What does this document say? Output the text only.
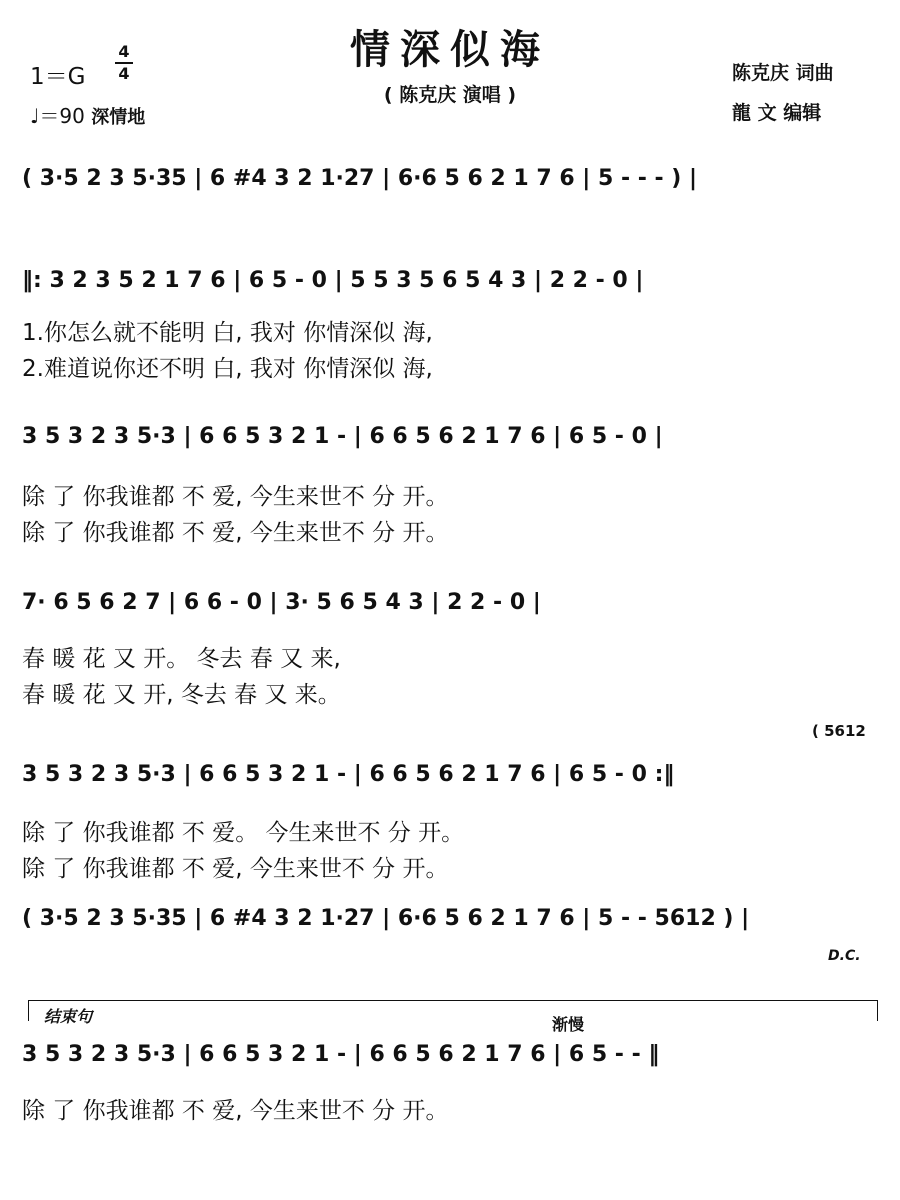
情深似海
( 陈克庆 演唱 )
陈克庆 词曲
龍 文 编辑
1＝G
4
4
♩＝90 深情地
( 3·5 2 3 5·35 | 6 #4 3 2 1·27 | 6·6 5 6 2 1 7 6 | 5 - - - ) |
‖: 3 2 3 5 2 1 7 6 | 6 5 - 0 | 5 5 3 5 6 5 4 3 | 2 2 - 0 |
1.你怎么就不能明 白, 我对 你情深似 海,
2.难道说你还不明 白, 我对 你情深似 海,
3 5 3 2 3 5·3 | 6 6 5 3 2 1 - | 6 6 5 6 2 1 7 6 | 6 5 - 0 |
除 了 你我谁都 不 爱, 今生来世不 分 开。
除 了 你我谁都 不 爱, 今生来世不 分 开。
7· 6 5 6 2 7 | 6 6 - 0 | 3· 5 6 5 4 3 | 2 2 - 0 |
春 暖 花 又 开。 冬去 春 又 来,
春 暖 花 又 开, 冬去 春 又 来。
( 5612
3 5 3 2 3 5·3 | 6 6 5 3 2 1 - | 6 6 5 6 2 1 7 6 | 6 5 - 0 :‖
除 了 你我谁都 不 爱。 今生来世不 分 开。
除 了 你我谁都 不 爱, 今生来世不 分 开。
( 3·5 2 3 5·35 | 6 #4 3 2 1·27 | 6·6 5 6 2 1 7 6 | 5 - - 5612 ) |
D.C.
结束句	渐慢
3 5 3 2 3 5·3 | 6 6 5 3 2 1 - | 6 6 5 6 2 1 7 6 | 6 5 - - ‖
除 了 你我谁都 不 爱, 今生来世不 分 开。
